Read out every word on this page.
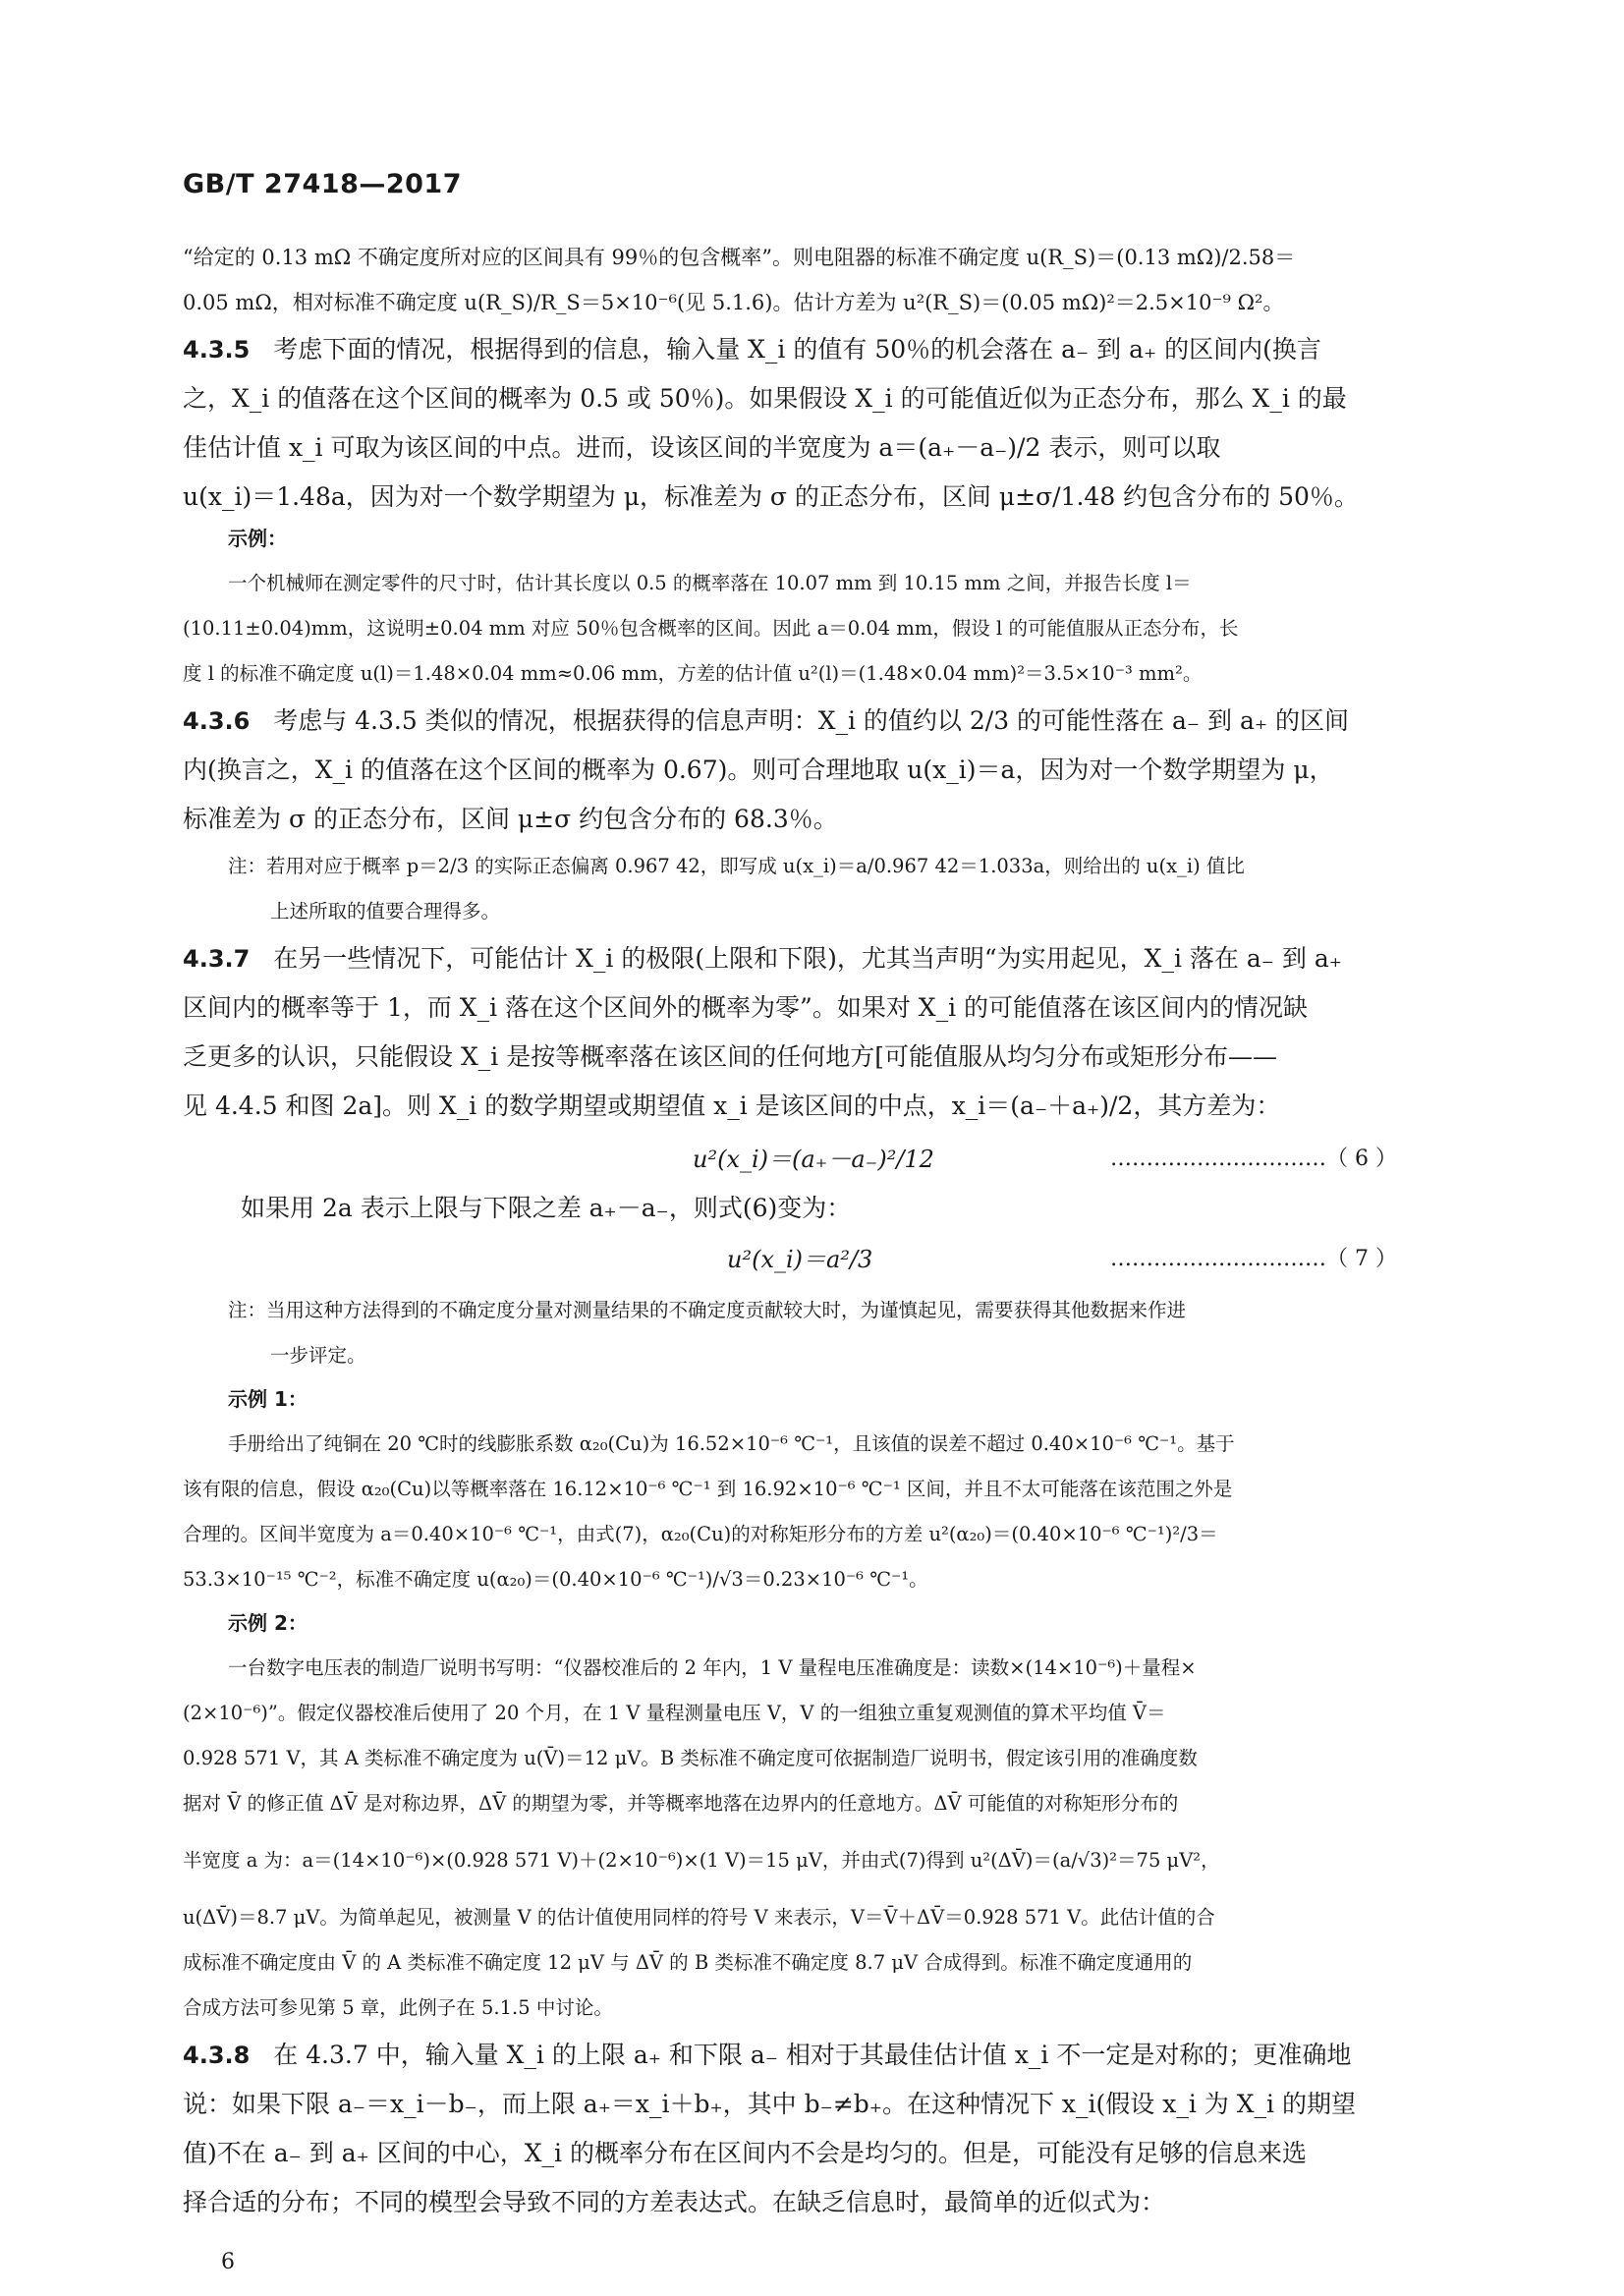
GB/T 27418—2017
“给定的 0.13 mΩ 不确定度所对应的区间具有 99％的包含概率”。则电阻器的标准不确定度 u(R_S)＝(0.13 mΩ)/2.58＝
0.05 mΩ，相对标准不确定度 u(R_S)/R_S＝5×10⁻⁶(见 5.1.6)。估计方差为 u²(R_S)＝(0.05 mΩ)²＝2.5×10⁻⁹ Ω²。
4.3.5 考虑下面的情况，根据得到的信息，输入量 X_i 的值有 50％的机会落在 a₋ 到 a₊ 的区间内(换言
之，X_i 的值落在这个区间的概率为 0.5 或 50％)。如果假设 X_i 的可能值近似为正态分布，那么 X_i 的最
佳估计值 x_i 可取为该区间的中点。进而，设该区间的半宽度为 a＝(a₊－a₋)/2 表示，则可以取
u(x_i)＝1.48a，因为对一个数学期望为 μ，标准差为 σ 的正态分布，区间 μ±σ/1.48 约包含分布的 50％。
示例：
一个机械师在测定零件的尺寸时，估计其长度以 0.5 的概率落在 10.07 mm 到 10.15 mm 之间，并报告长度 l＝
(10.11±0.04)mm，这说明±0.04 mm 对应 50％包含概率的区间。因此 a＝0.04 mm，假设 l 的可能值服从正态分布，长
度 l 的标准不确定度 u(l)＝1.48×0.04 mm≈0.06 mm，方差的估计值 u²(l)＝(1.48×0.04 mm)²＝3.5×10⁻³ mm²。
4.3.6 考虑与 4.3.5 类似的情况，根据获得的信息声明：X_i 的值约以 2/3 的可能性落在 a₋ 到 a₊ 的区间
内(换言之，X_i 的值落在这个区间的概率为 0.67)。则可合理地取 u(x_i)＝a，因为对一个数学期望为 μ，
标准差为 σ 的正态分布，区间 μ±σ 约包含分布的 68.3％。
注：若用对应于概率 p＝2/3 的实际正态偏离 0.967 42，即写成 u(x_i)＝a/0.967 42＝1.033a，则给出的 u(x_i) 值比
上述所取的值要合理得多。
4.3.7 在另一些情况下，可能估计 X_i 的极限(上限和下限)，尤其当声明“为实用起见，X_i 落在 a₋ 到 a₊
区间内的概率等于 1，而 X_i 落在这个区间外的概率为零”。如果对 X_i 的可能值落在该区间内的情况缺
乏更多的认识，只能假设 X_i 是按等概率落在该区间的任何地方[可能值服从均匀分布或矩形分布——
见 4.4.5 和图 2a]。则 X_i 的数学期望或期望值 x_i 是该区间的中点，x_i＝(a₋＋a₊)/2，其方差为：
u²(x_i)＝(a₊－a₋)²/12	…………………………（ 6 ）
如果用 2a 表示上限与下限之差 a₊－a₋，则式(6)变为：
u²(x_i)＝a²/3	…………………………（ 7 ）
注：当用这种方法得到的不确定度分量对测量结果的不确定度贡献较大时，为谨慎起见，需要获得其他数据来作进
一步评定。
示例 1：
手册给出了纯铜在 20 ℃时的线膨胀系数 α₂₀(Cu)为 16.52×10⁻⁶ ℃⁻¹，且该值的误差不超过 0.40×10⁻⁶ ℃⁻¹。基于
该有限的信息，假设 α₂₀(Cu)以等概率落在 16.12×10⁻⁶ ℃⁻¹ 到 16.92×10⁻⁶ ℃⁻¹ 区间，并且不太可能落在该范围之外是
合理的。区间半宽度为 a＝0.40×10⁻⁶ ℃⁻¹，由式(7)，α₂₀(Cu)的对称矩形分布的方差 u²(α₂₀)＝(0.40×10⁻⁶ ℃⁻¹)²/3＝
53.3×10⁻¹⁵ ℃⁻²，标准不确定度 u(α₂₀)＝(0.40×10⁻⁶ ℃⁻¹)/√3＝0.23×10⁻⁶ ℃⁻¹。
示例 2：
一台数字电压表的制造厂说明书写明：“仪器校准后的 2 年内，1 V 量程电压准确度是：读数×(14×10⁻⁶)＋量程×
(2×10⁻⁶)”。假定仪器校准后使用了 20 个月，在 1 V 量程测量电压 V，V 的一组独立重复观测值的算术平均值 V̄＝
0.928 571 V，其 A 类标准不确定度为 u(V̄)＝12 μV。B 类标准不确定度可依据制造厂说明书，假定该引用的准确度数
据对 V̄ 的修正值 ΔV̄ 是对称边界，ΔV̄ 的期望为零，并等概率地落在边界内的任意地方。ΔV̄ 可能值的对称矩形分布的
半宽度 a 为：a＝(14×10⁻⁶)×(0.928 571 V)＋(2×10⁻⁶)×(1 V)＝15 μV，并由式(7)得到 u²(ΔV̄)＝(a/√3)²＝75 μV²，
u(ΔV̄)＝8.7 μV。为简单起见，被测量 V 的估计值使用同样的符号 V 来表示，V＝V̄＋ΔV̄＝0.928 571 V。此估计值的合
成标准不确定度由 V̄ 的 A 类标准不确定度 12 μV 与 ΔV̄ 的 B 类标准不确定度 8.7 μV 合成得到。标准不确定度通用的
合成方法可参见第 5 章，此例子在 5.1.5 中讨论。
4.3.8 在 4.3.7 中，输入量 X_i 的上限 a₊ 和下限 a₋ 相对于其最佳估计值 x_i 不一定是对称的；更准确地
说：如果下限 a₋＝x_i－b₋，而上限 a₊＝x_i＋b₊，其中 b₋≠b₊。在这种情况下 x_i(假设 x_i 为 X_i 的期望
值)不在 a₋ 到 a₊ 区间的中心，X_i 的概率分布在区间内不会是均匀的。但是，可能没有足够的信息来选
择合适的分布；不同的模型会导致不同的方差表达式。在缺乏信息时，最简单的近似式为：
6
